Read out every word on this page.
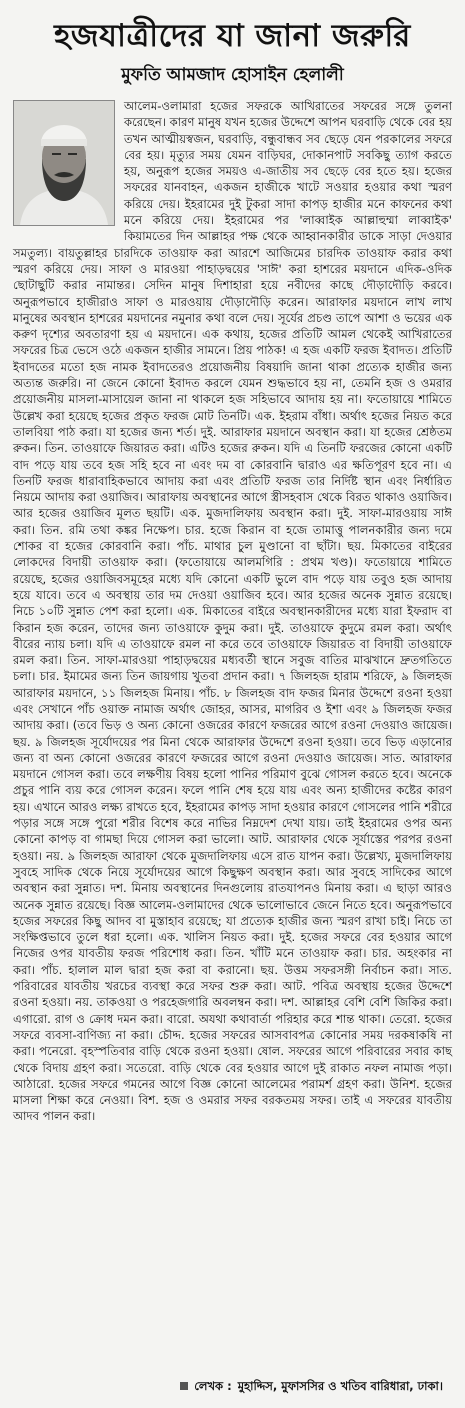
হজযাত্রীদের যা জানা জরুরি
মুফতি আমজাদ হোসাইন হেলালী

আলেম-ওলামারা হজের সফরকে আখিরাতের সফরের সঙ্গে তুলনা করেছেন। কারণ মানুষ যখন হজের উদ্দেশে আপন ঘরবাড়ি থেকে বের হয় তখন আত্মীয়স্বজন, ঘরবাড়ি, বন্ধুবান্ধব সব ছেড়ে যেন পরকালের সফরে বের হয়। মৃত্যুর সময় যেমন বাড়িঘর, দোকানপাট সবকিছু ত্যাগ করতে হয়, অনুরূপ হজের সময়ও এ-জাতীয় সব ছেড়ে বের হতে হয়। হজের সফরের যানবাহন, একজন হাজীকে খাটে সওয়ার হওয়ার কথা স্মরণ করিয়ে দেয়। ইহরামের দুই টুকরা সাদা কাপড় হাজীর মনে কাফনের কথা মনে করিয়ে দেয়। ইহরামের পর 'লাব্বাইক আল্লাহুম্মা লাব্বাইক' কিয়ামতের দিন আল্লাহর পক্ষ থেকে আহ্বানকারীর ডাকে সাড়া দেওয়ার সমতুল্য। বায়তুল্লাহর চারদিকে তাওয়াফ করা আরশে আজিমের চারদিক তাওয়াফ করার কথা স্মরণ করিয়ে দেয়। সাফা ও মারওয়া পাহাড়দ্বয়ের 'সাঈ' করা হাশরের ময়দানে এদিক-ওদিক ছোটাছুটি করার নামান্তর। সেদিন মানুষ দিশাহারা হয়ে নবীদের কাছে দৌড়াদৌড়ি করবে। অনুরূপভাবে হাজীরাও সাফা ও মারওয়ায় দৌড়াদৌড়ি করেন। আরাফার ময়দানে লাখ লাখ মানুষের অবস্থান হাশরের ময়দানের নমুনার কথা বলে দেয়। সূর্যের প্রচণ্ড তাপে আশা ও ভয়ের এক করুণ দৃশ্যের অবতারণা হয় এ ময়দানে। এক কথায়, হজের প্রতিটি আমল থেকেই আখিরাতের সফরের চিত্র ভেসে ওঠে একজন হাজীর সামনে। প্রিয় পাঠক! এ হজ একটি ফরজ ইবাদত। প্রতিটি ইবাদতের মতো হজ নামক ইবাদতেরও প্রয়োজনীয় বিষয়াদি জানা থাকা প্রত্যেক হাজীর জন্য অত্যন্ত জরুরি। না জেনে কোনো ইবাদত করলে যেমন শুদ্ধভাবে হয় না, তেমনি হজ ও ওমরার প্রয়োজনীয় মাসলা-মাসায়েল জানা না থাকলে হজ সহিভাবে আদায় হয় না। ফতোয়ায়ে শামিতে উল্লেখ করা হয়েছে হজের প্রকৃত ফরজ মোট তিনটি। এক. ইহরাম বাঁধা। অর্থাৎ হজের নিয়ত করে তালবিয়া পাঠ করা। যা হজের জন্য শর্ত। দুই. আরাফার ময়দানে অবস্থান করা। যা হজের শ্রেষ্ঠতম রুকন। তিন. তাওয়াফে জিয়ারত করা। এটিও হজের রুকন। যদি এ তিনটি ফরজের কোনো একটি বাদ পড়ে যায় তবে হজ সহি হবে না এবং দম বা কোরবানি দ্বারাও এর ক্ষতিপূরণ হবে না। এ তিনটি ফরজ ধারাবাহিকভাবে আদায় করা এবং প্রতিটি ফরজ তার নির্দিষ্ট স্থান এবং নির্ধারিত নিয়মে আদায় করা ওয়াজিব। আরাফায় অবস্থানের আগে স্ত্রীসহবাস থেকে বিরত থাকাও ওয়াজিব। আর হজের ওয়াজিব মূলত ছয়টি। এক. মুজদালিফায় অবস্থান করা। দুই. সাফা-মারওয়ায় সাঈ করা। তিন. রমি তথা কঙ্কর নিক্ষেপ। চার. হজে কিরান বা হজে তামাত্তু পালনকারীর জন্য দমে শোকর বা হজের কোরবানি করা। পাঁচ. মাথার চুল মুণ্ডানো বা ছাঁটা। ছয়. মিকাতের বাইরের লোকদের বিদায়ী তাওয়াফ করা। (ফতোয়ায়ে আলমগিরি : প্রথম খণ্ড)। ফতোয়ায়ে শামিতে রয়েছে, হজের ওয়াজিবসমূহের মধ্যে যদি কোনো একটি ভুলে বাদ পড়ে যায় তবুও হজ আদায় হয়ে যাবে। তবে এ অবস্থায় তার দম দেওয়া ওয়াজিব হবে। আর হজের অনেক সুন্নাত রয়েছে। নিচে ১০টি সুন্নাত পেশ করা হলো। এক. মিকাতের বাইরে অবস্থানকারীদের মধ্যে যারা ইফরাদ বা কিরান হজ করেন, তাদের জন্য তাওয়াফে কুদুম করা। দুই. তাওয়াফে কুদুমে রমল করা। অর্থাৎ বীরের ন্যায় চলা। যদি এ তাওয়াফে রমল না করে তবে তাওয়াফে জিয়ারত বা বিদায়ী তাওয়াফে রমল করা। তিন. সাফা-মারওয়া পাহাড়দ্বয়ের মধ্যবর্তী স্থানে সবুজ বাতির মাঝখানে দ্রুতগতিতে চলা। চার. ইমামের জন্য তিন জায়গায় খুতবা প্রদান করা। ৭ জিলহজ হারাম শরিফে, ৯ জিলহজ আরাফার ময়দানে, ১১ জিলহজ মিনায়। পাঁচ. ৮ জিলহজ বাদ ফজর মিনার উদ্দেশে রওনা হওয়া এবং সেখানে পাঁচ ওয়াক্ত নামাজ অর্থাৎ জোহর, আসর, মাগরিব ও ইশা এবং ৯ জিলহজ ফজর আদায় করা। (তবে ভিড় ও অন্য কোনো ওজরের কারণে ফজরের আগে রওনা দেওয়াও জায়েজ। ছয়. ৯ জিলহজ সূর্যোদয়ের পর মিনা থেকে আরাফার উদ্দেশে রওনা হওয়া। তবে ভিড় এড়ানোর জন্য বা অন্য কোনো ওজরের কারণে ফজরের আগে রওনা দেওয়াও জায়েজ। সাত. আরাফার ময়দানে গোসল করা। তবে লক্ষণীয় বিষয় হলো পানির পরিমাণ বুঝে গোসল করতে হবে। অনেকে প্রচুর পানি ব্যয় করে গোসল করেন। ফলে পানি শেষ হয়ে যায় এবং অন্য হাজীদের কষ্টের কারণ হয়। এখানে আরও লক্ষ্য রাখতে হবে, ইহরামের কাপড় সাদা হওয়ার কারণে গোসলের পানি শরীরে পড়ার সঙ্গে সঙ্গে পুরো শরীর বিশেষ করে নাভির নিম্নদেশ দেখা যায়। তাই ইহরামের ওপর অন্য কোনো কাপড় বা গামছা দিয়ে গোসল করা ভালো। আট. আরাফার থেকে সূর্যাস্তের পরপর রওনা হওয়া। নয়. ৯ জিলহজ আরাফা থেকে মুজদালিফায় এসে রাত যাপন করা। উল্লেখ্য, মুজদালিফায় সুবহে সাদিক থেকে নিয়ে সূর্যোদয়ের আগে কিছুক্ষণ অবস্থান করা। আর সুবহে সাদিকের আগে অবস্থান করা সুন্নাত। দশ. মিনায় অবস্থানের দিনগুলোয় রাতযাপনও মিনায় করা। এ ছাড়া আরও অনেক সুন্নাত রয়েছে। বিজ্ঞ আলেম-ওলামাদের থেকে ভালোভাবে জেনে নিতে হবে। অনুরূপভাবে হজের সফরের কিছু আদব বা মুস্তাহাব রয়েছে; যা প্রত্যেক হাজীর জন্য স্মরণ রাখা চাই। নিচে তা সংক্ষিপ্তভাবে তুলে ধরা হলো। এক. খালিস নিয়ত করা। দুই. হজের সফরে বের হওয়ার আগে নিজের ওপর যাবতীয় ফরজ পরিশোধ করা। তিন. খাঁটি মনে তাওয়াফ করা। চার. অহংকার না করা। পাঁচ. হালাল মাল দ্বারা হজ করা বা করানো। ছয়. উত্তম সফরসঙ্গী নির্বাচন করা। সাত. পরিবারের যাবতীয় খরচের ব্যবস্থা করে সফর শুরু করা। আট. পবিত্র অবস্থায় হজের উদ্দেশে রওনা হওয়া। নয়. তাকওয়া ও পরহেজগারি অবলম্বন করা। দশ. আল্লাহর বেশি বেশি জিকির করা। এগারো. রাগ ও ক্রোধ দমন করা। বারো. অযথা কথাবার্তা পরিহার করে শান্ত থাকা। তেরো. হজের সফরে ব্যবসা-বাণিজ্য না করা। চৌদ্দ. হজের সফরের আসবাবপত্র কোনোর সময় দরকষাকষি না করা। পনেরো. বৃহস্পতিবার বাড়ি থেকে রওনা হওয়া। ষোল. সফরের আগে পরিবারের সবার কাছ থেকে বিদায় গ্রহণ করা। সতেরো. বাড়ি থেকে বের হওয়ার আগে দুই রাকাত নফল নামাজ পড়া। আঠারো. হজের সফরে গমনের আগে বিজ্ঞ কোনো আলেমের পরামর্শ গ্রহণ করা। উনিশ. হজের মাসলা শিক্ষা করে নেওয়া। বিশ. হজ ও ওমরার সফর বরকতময় সফর। তাই এ সফরের যাবতীয় আদব পালন করা।

লেখক : মুহাদ্দিস, মুফাসসির ও খতিব বারিধারা, ঢাকা।
